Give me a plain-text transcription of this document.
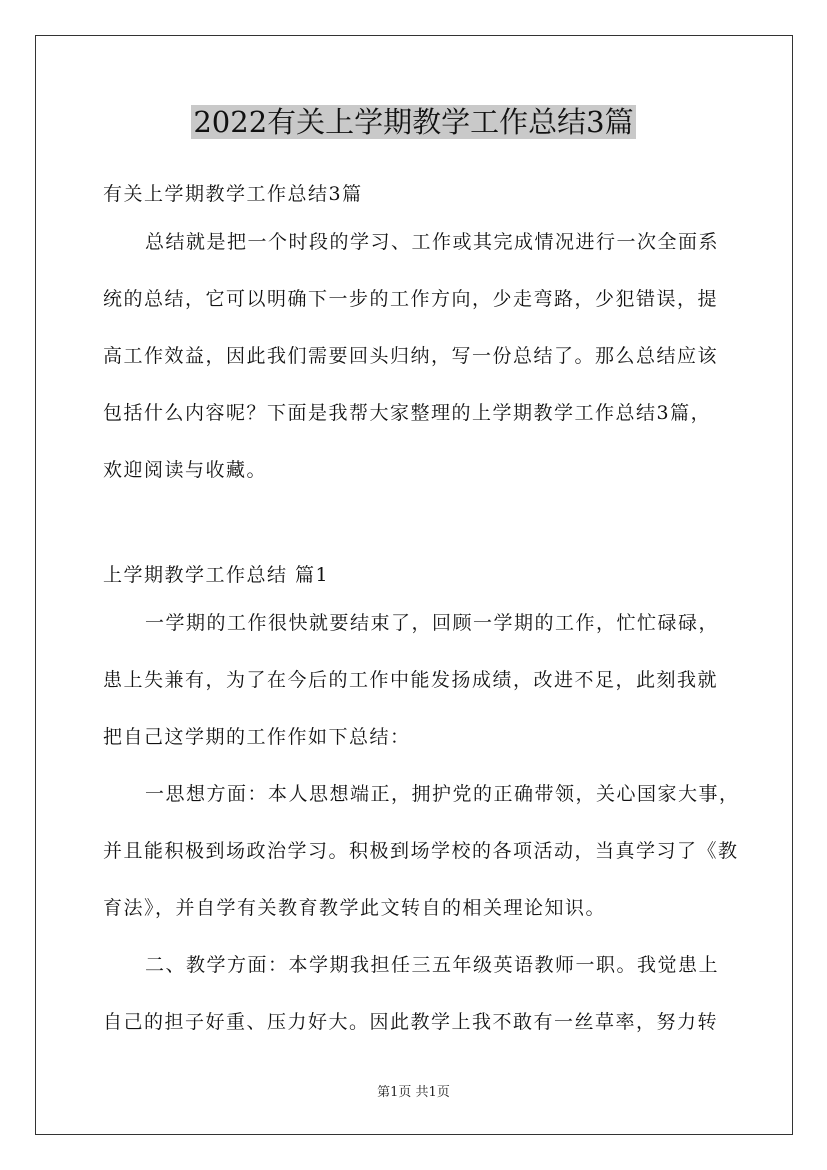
2022有关上学期教学工作总结3篇
有关上学期教学工作总结3篇
总结就是把一个时段的学习、工作或其完成情况进行一次全面系
统的总结，它可以明确下一步的工作方向，少走弯路，少犯错误，提
高工作效益，因此我们需要回头归纳，写一份总结了。那么总结应该
包括什么内容呢？下面是我帮大家整理的上学期教学工作总结3篇，
欢迎阅读与收藏。
上学期教学工作总结 篇1
一学期的工作很快就要结束了，回顾一学期的工作，忙忙碌碌，
患上失兼有，为了在今后的工作中能发扬成绩，改进不足，此刻我就
把自己这学期的工作作如下总结：
一思想方面：本人思想端正，拥护党的正确带领，关心国家大事，
并且能积极到场政治学习。积极到场学校的各项活动，当真学习了《教
育法》，并自学有关教育教学此文转自的相关理论知识。
二、教学方面：本学期我担任三五年级英语教师一职。我觉患上
自己的担子好重、压力好大。因此教学上我不敢有一丝草率，努力转
第1页 共1页
